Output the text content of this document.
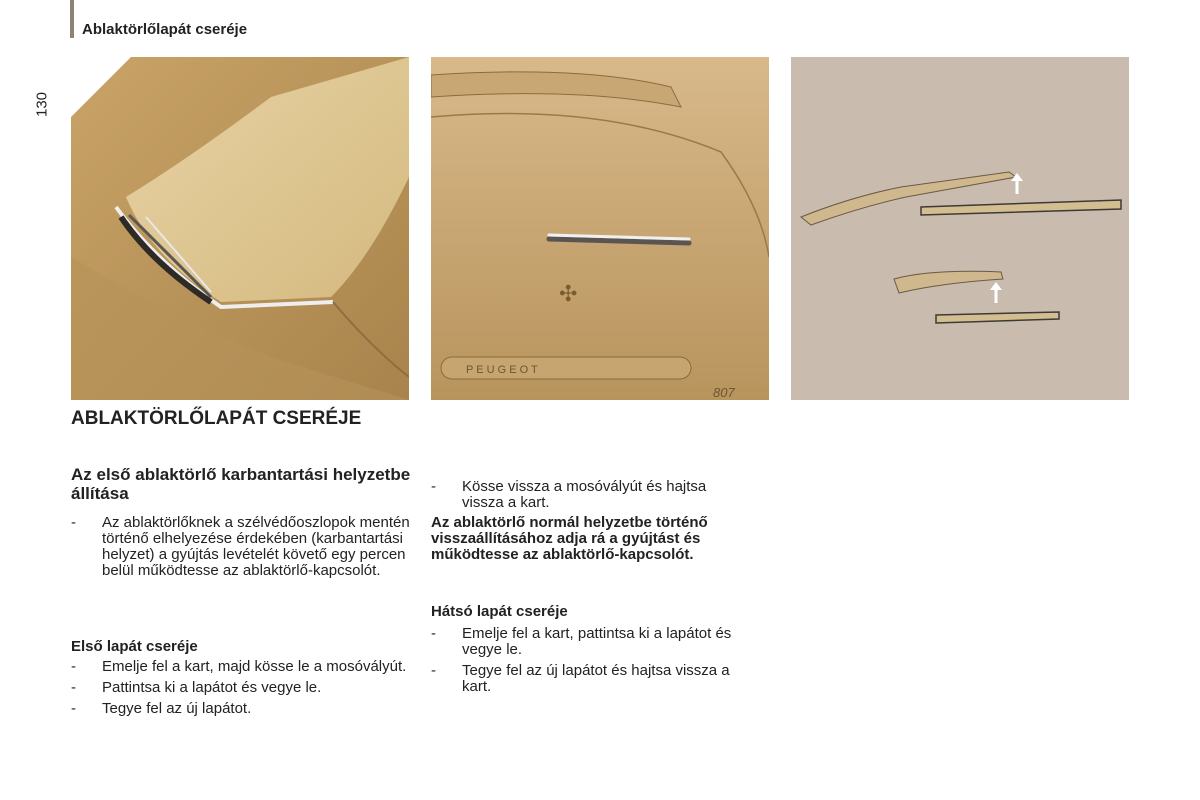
Ablaktörlőlapát cseréje
130
✣
P E U G E O T
807
ABLAKTÖRLŐLAPÁT CSERÉJE
Az első ablaktörlő karbantartási helyzetbe állítása
- Az ablaktörlőknek a szélvédőoszlopok mentén történő elhelyezése érdekében (karbantartási helyzet) a gyújtás levételét követő egy percen belül működtesse az ablaktörlő-kapcsolót.
Első lapát cseréje
- Emelje fel a kart, majd kösse le a mosóvályút.
- Pattintsa ki a lapátot és vegye le.
- Tegye fel az új lapátot.
- Kösse vissza a mosóvályút és hajtsa vissza a kart.
Az ablaktörlő normál helyzetbe történő visszaállításához adja rá a gyújtást és működtesse az ablaktörlő-kapcsolót.
Hátsó lapát cseréje
- Emelje fel a kart, pattintsa ki a lapátot és vegye le.
- Tegye fel az új lapátot és hajtsa vissza a kart.
